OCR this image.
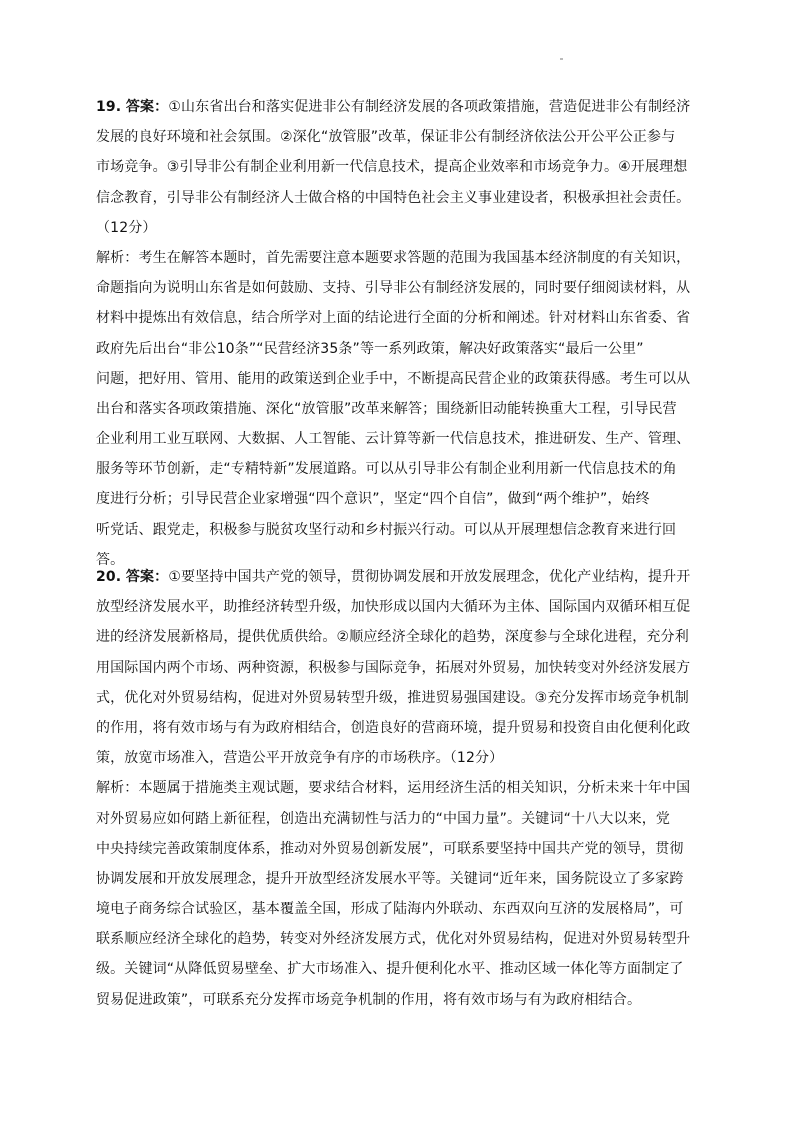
19. 答案：①山东省出台和落实促进非公有制经济发展的各项政策措施，营造促进非公有制经济
发展的良好环境和社会氛围。②深化“放管服”改革，保证非公有制经济依法公开公平公正参与
市场竞争。③引导非公有制企业利用新一代信息技术，提高企业效率和市场竞争力。④开展理想
信念教育，引导非公有制经济人士做合格的中国特色社会主义事业建设者，积极承担社会责任。
（12分）
解析：考生在解答本题时，首先需要注意本题要求答题的范围为我国基本经济制度的有关知识，
命题指向为说明山东省是如何鼓励、支持、引导非公有制经济发展的，同时要仔细阅读材料，从
材料中提炼出有效信息，结合所学对上面的结论进行全面的分析和阐述。针对材料山东省委、省
政府先后出台“非公10条”“民营经济35条”等一系列政策，解决好政策落实“最后一公里”
问题，把好用、管用、能用的政策送到企业手中，不断提高民营企业的政策获得感。考生可以从
出台和落实各项政策措施、深化“放管服”改革来解答；围绕新旧动能转换重大工程，引导民营
企业利用工业互联网、大数据、人工智能、云计算等新一代信息技术，推进研发、生产、管理、
服务等环节创新，走“专精特新”发展道路。可以从引导非公有制企业利用新一代信息技术的角
度进行分析；引导民营企业家增强“四个意识”，坚定“四个自信”，做到“两个维护”，始终
听党话、跟党走，积极参与脱贫攻坚行动和乡村振兴行动。可以从开展理想信念教育来进行回
答。
20. 答案：①要坚持中国共产党的领导，贯彻协调发展和开放发展理念，优化产业结构，提升开
放型经济发展水平，助推经济转型升级，加快形成以国内大循环为主体、国际国内双循环相互促
进的经济发展新格局，提供优质供给。②顺应经济全球化的趋势，深度参与全球化进程，充分利
用国际国内两个市场、两种资源，积极参与国际竞争，拓展对外贸易，加快转变对外经济发展方
式，优化对外贸易结构，促进对外贸易转型升级，推进贸易强国建设。③充分发挥市场竞争机制
的作用，将有效市场与有为政府相结合，创造良好的营商环境，提升贸易和投资自由化便利化政
策，放宽市场准入，营造公平开放竞争有序的市场秩序。（12分）
解析：本题属于措施类主观试题，要求结合材料，运用经济生活的相关知识，分析未来十年中国
对外贸易应如何踏上新征程，创造出充满韧性与活力的“中国力量”。关键词“十八大以来，党
中央持续完善政策制度体系，推动对外贸易创新发展”，可联系要坚持中国共产党的领导，贯彻
协调发展和开放发展理念，提升开放型经济发展水平等。关键词“近年来，国务院设立了多家跨
境电子商务综合试验区，基本覆盖全国，形成了陆海内外联动、东西双向互济的发展格局”，可
联系顺应经济全球化的趋势，转变对外经济发展方式，优化对外贸易结构，促进对外贸易转型升
级。关键词“从降低贸易壁垒、扩大市场准入、提升便利化水平、推动区域一体化等方面制定了
贸易促进政策”，可联系充分发挥市场竞争机制的作用，将有效市场与有为政府相结合。
